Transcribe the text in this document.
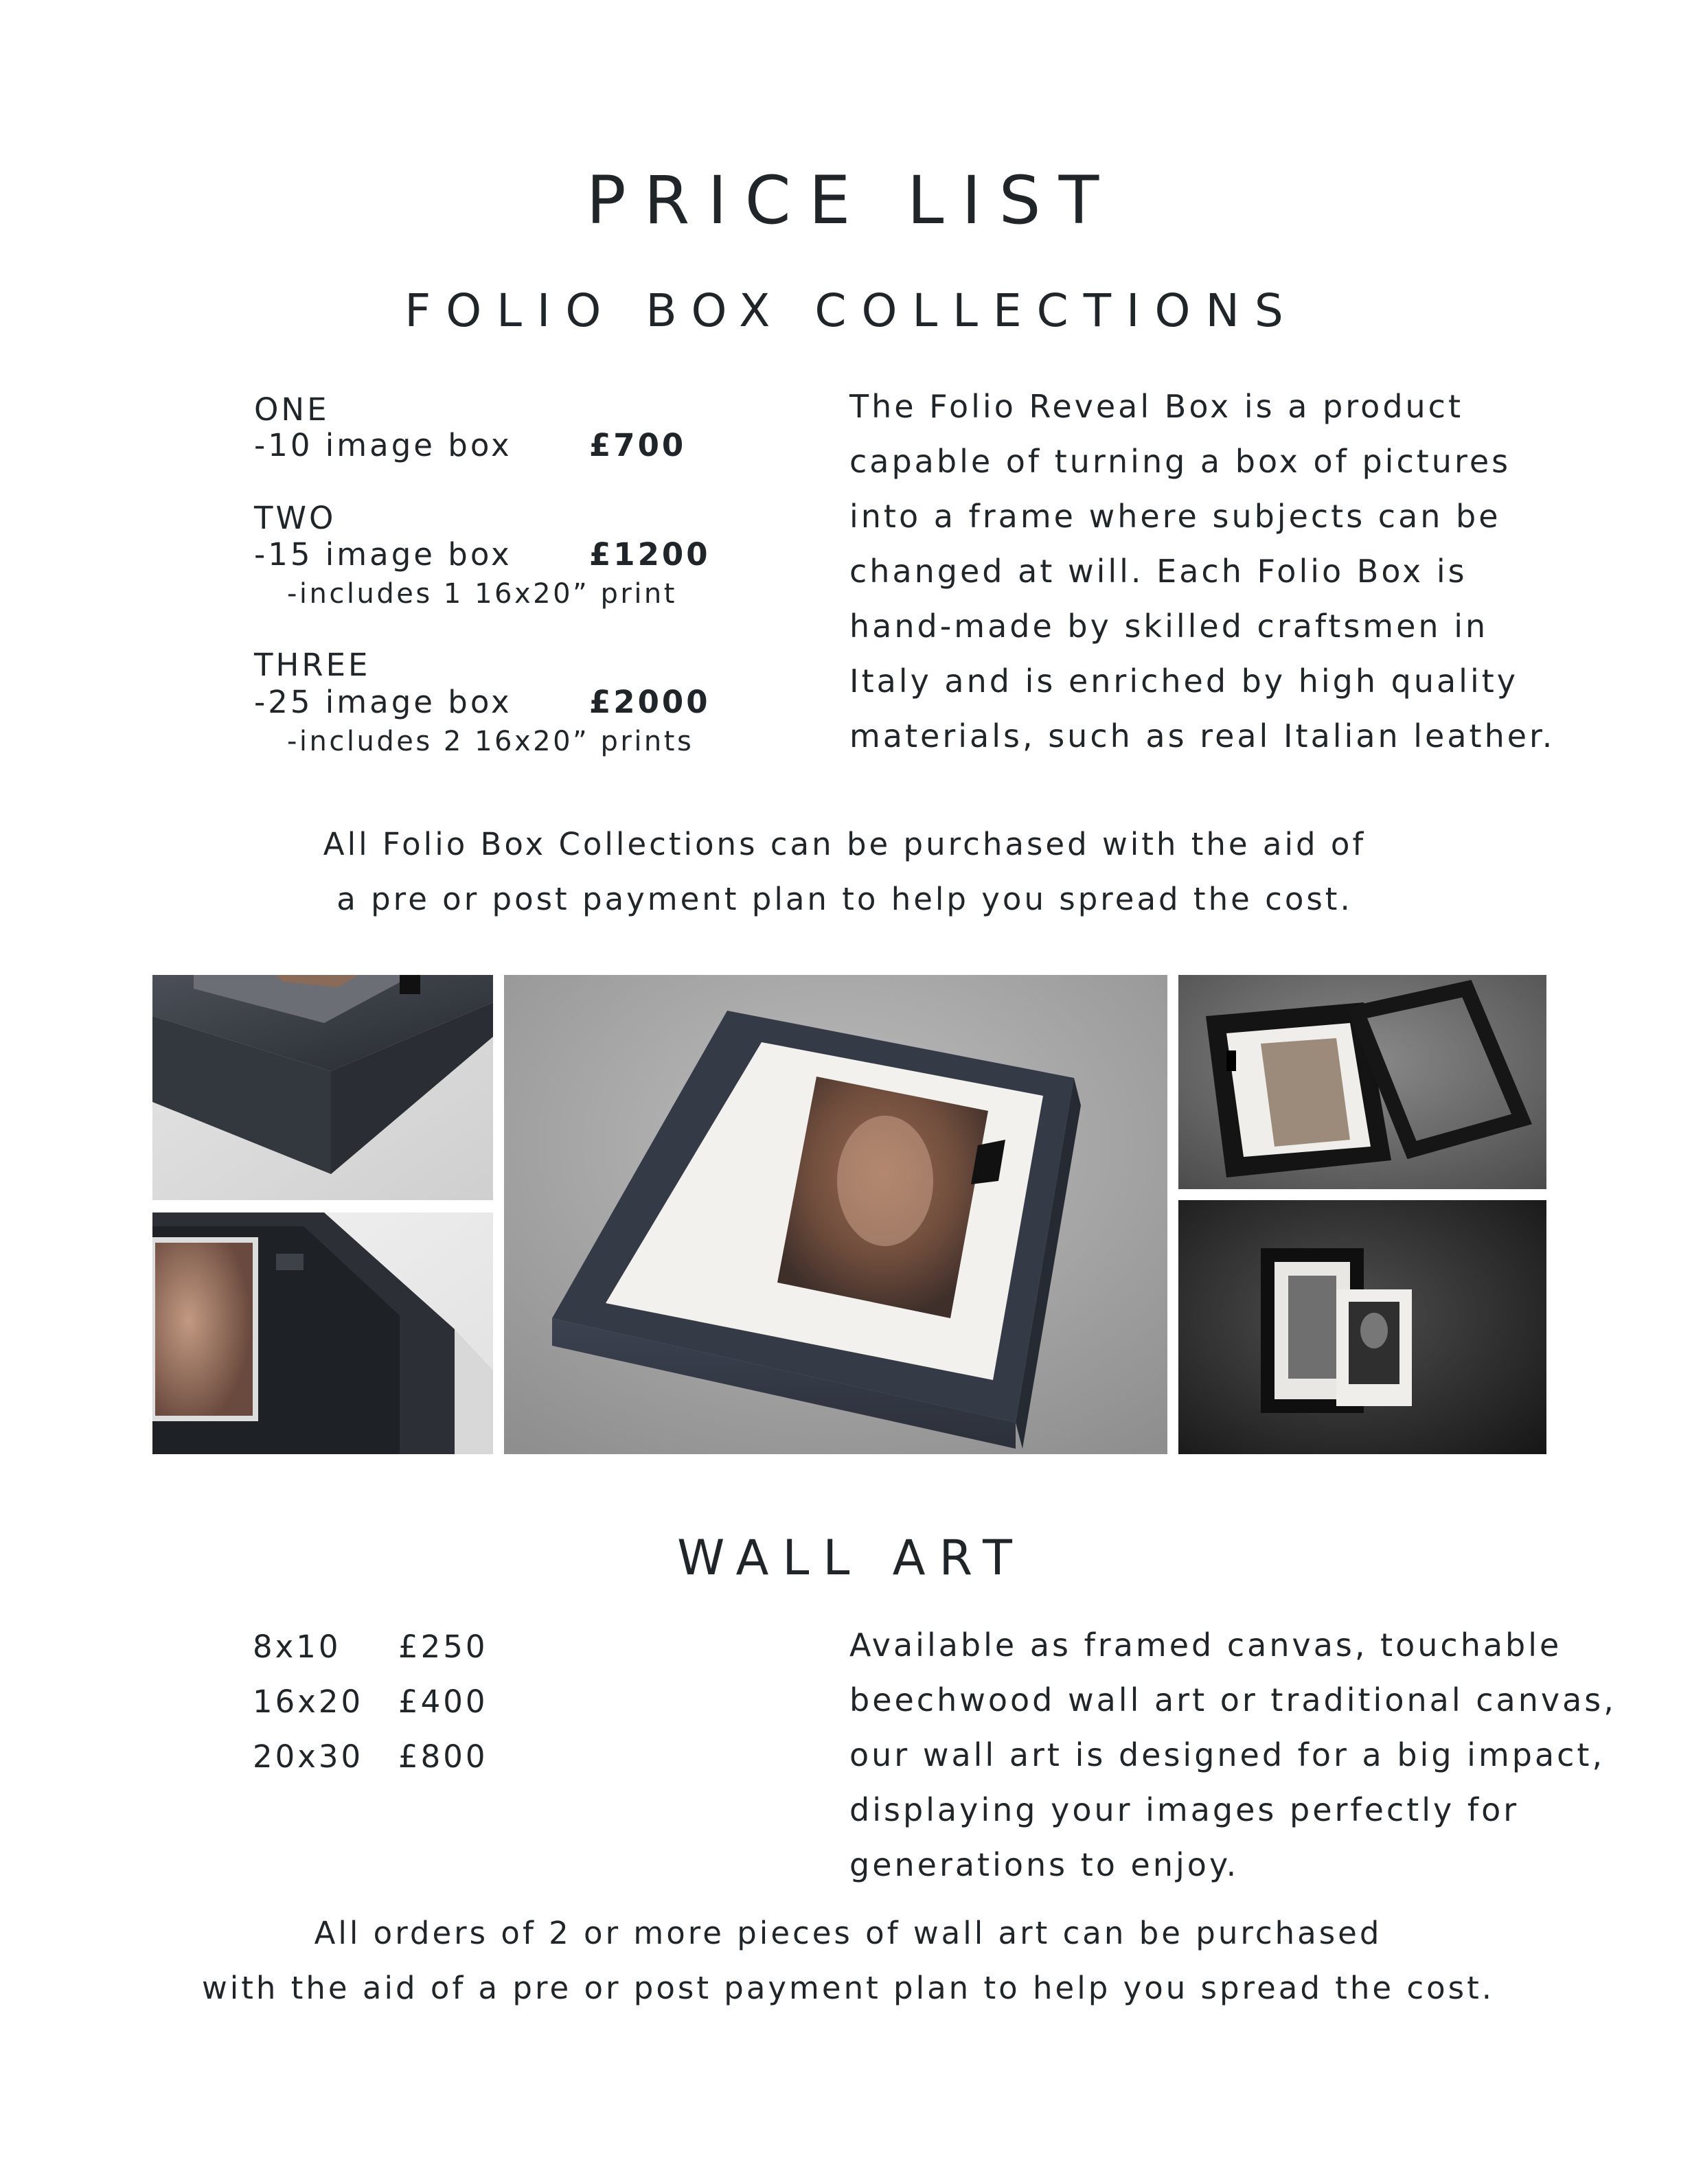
PRICE LIST
FOLIO BOX COLLECTIONS
ONE
-10 image box £700
TWO
-15 image box £1200
-includes 1 16x20” print
THREE
-25 image box £2000
-includes 2 16x20” prints
The Folio Reveal Box is a product
capable of turning a box of pictures
into a frame where subjects can be
changed at will. Each Folio Box is
hand-made by skilled craftsmen in
Italy and is enriched by high quality
materials, such as real Italian leather.
All Folio Box Collections can be purchased with the aid of
a pre or post payment plan to help you spread the cost.
WALL ART
8x10 £250
16x20 £400
20x30 £800
Available as framed canvas, touchable
beechwood wall art or traditional canvas,
our wall art is designed for a big impact,
displaying your images perfectly for
generations to enjoy.
All orders of 2 or more pieces of wall art can be purchased
with the aid of a pre or post payment plan to help you spread the cost.
